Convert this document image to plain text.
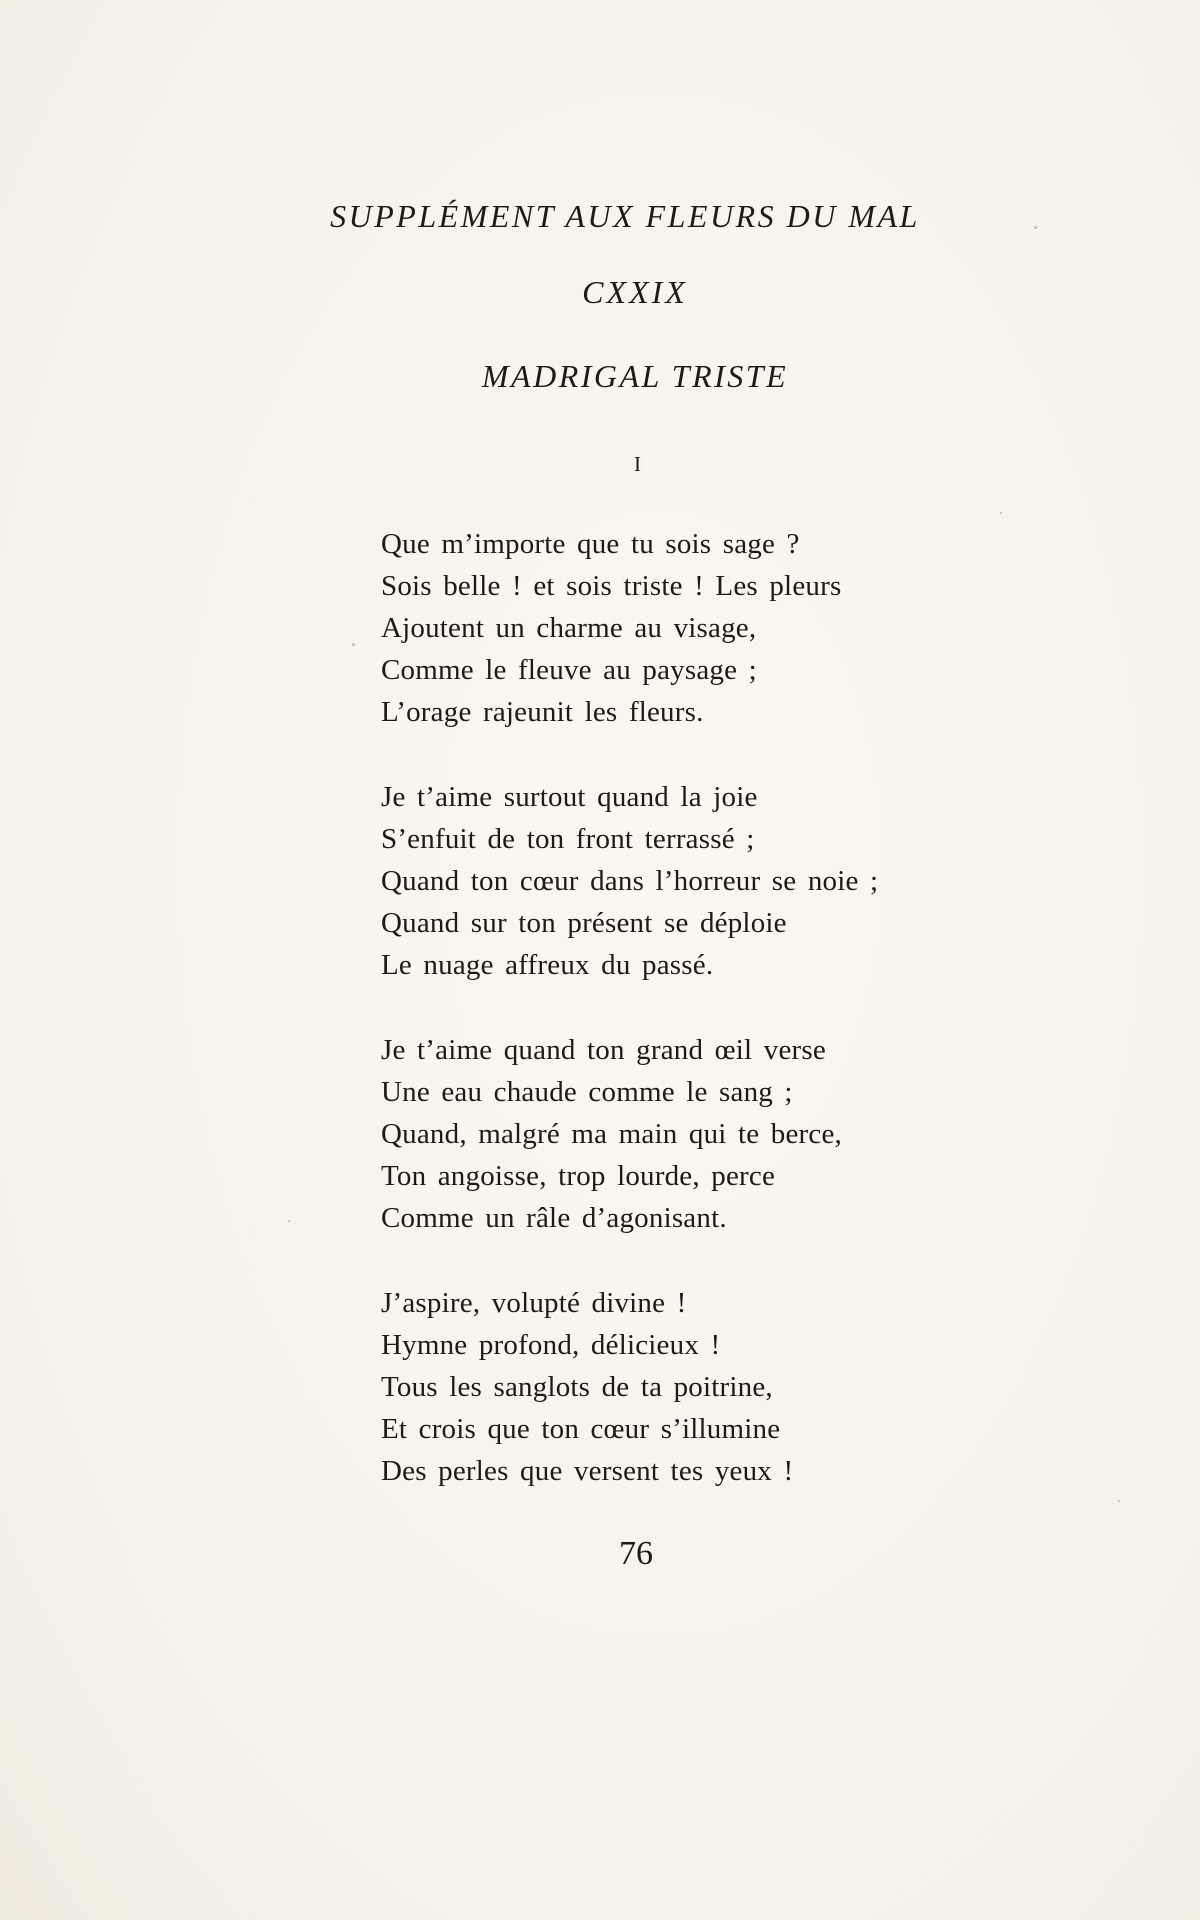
SUPPLÉMENT AUX FLEURS DU MAL
CXXIX
MADRIGAL TRISTE
I
Que m’importe que tu sois sage ?
Sois belle ! et sois triste ! Les pleurs
Ajoutent un charme au visage,
Comme le fleuve au paysage ;
L’orage rajeunit les fleurs.
Je t’aime surtout quand la joie
S’enfuit de ton front terrassé ;
Quand ton cœur dans l’horreur se noie ;
Quand sur ton présent se déploie
Le nuage affreux du passé.
Je t’aime quand ton grand œil verse
Une eau chaude comme le sang ;
Quand, malgré ma main qui te berce,
Ton angoisse, trop lourde, perce
Comme un râle d’agonisant.
J’aspire, volupté divine !
Hymne profond, délicieux !
Tous les sanglots de ta poitrine,
Et crois que ton cœur s’illumine
Des perles que versent tes yeux !
76
